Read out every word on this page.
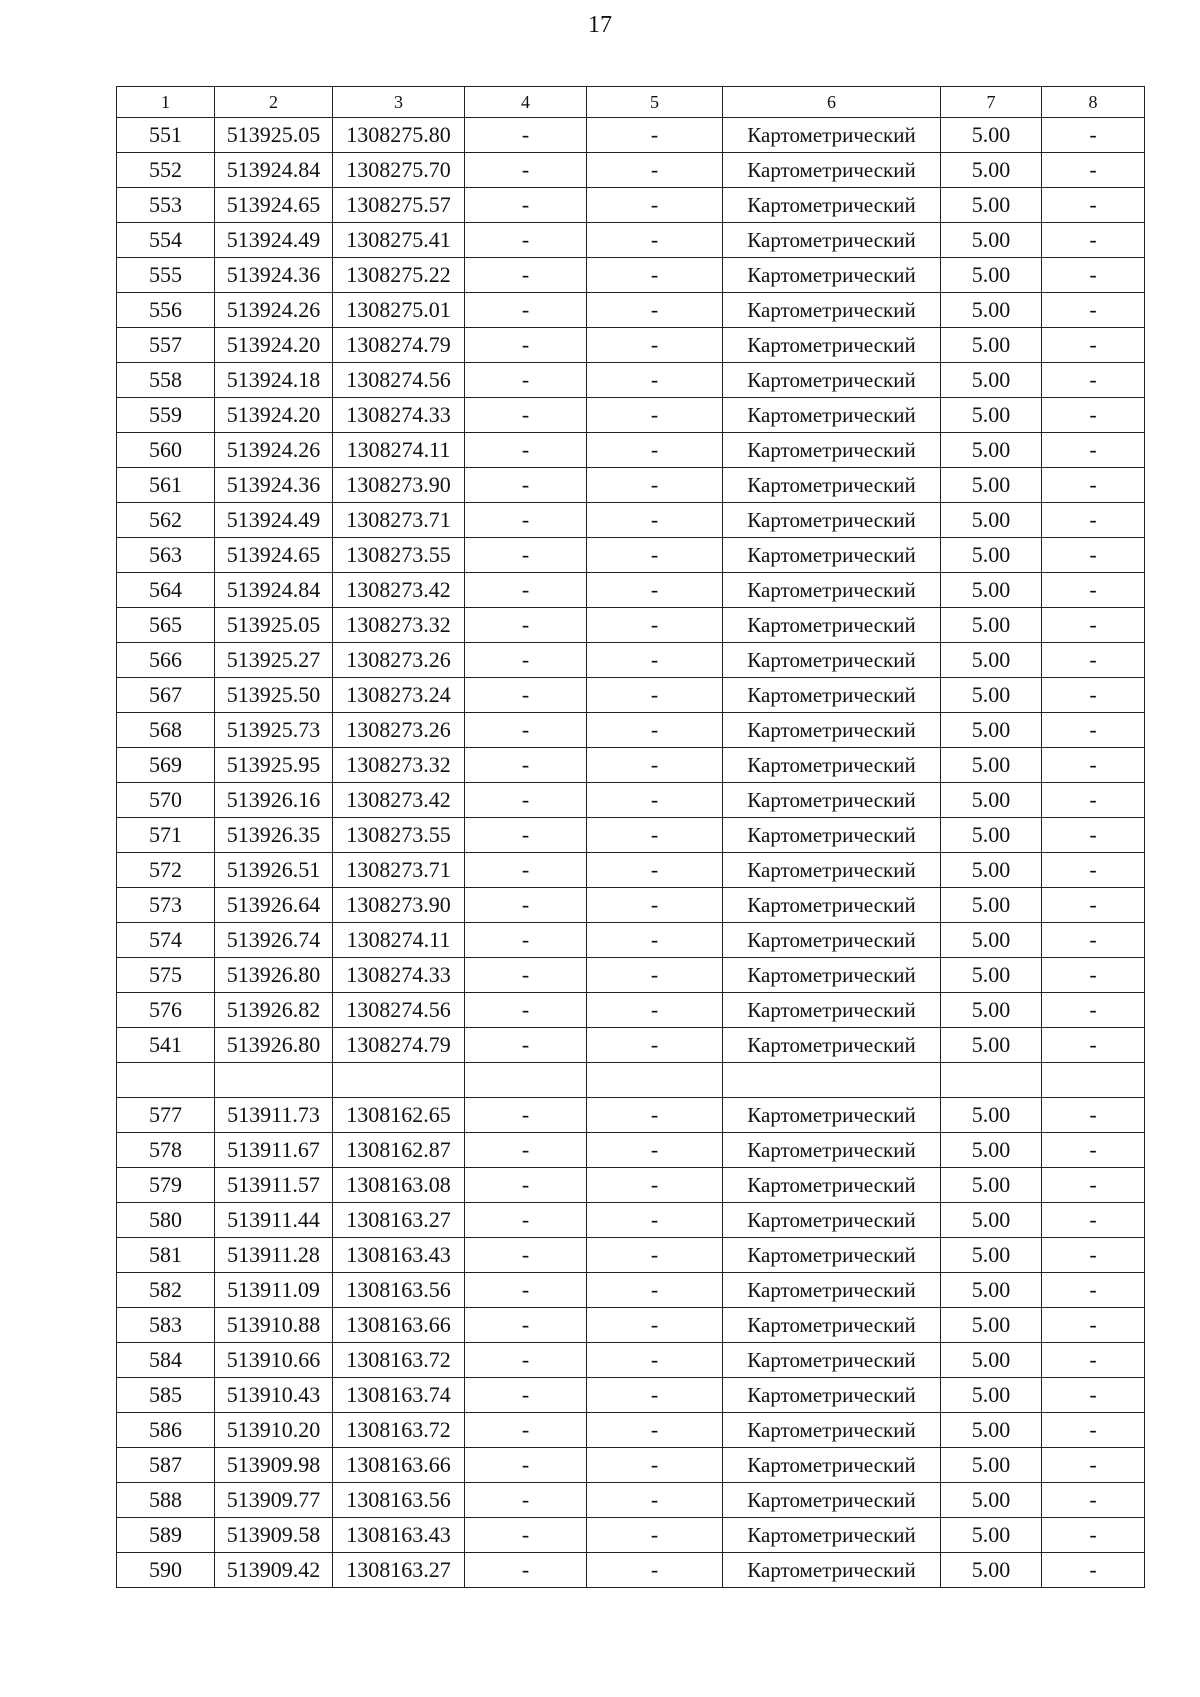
17
1	2	3	4	5	6	7	8
551	513925.05	1308275.80	-	-	Картометрический	5.00	-
552	513924.84	1308275.70	-	-	Картометрический	5.00	-
553	513924.65	1308275.57	-	-	Картометрический	5.00	-
554	513924.49	1308275.41	-	-	Картометрический	5.00	-
555	513924.36	1308275.22	-	-	Картометрический	5.00	-
556	513924.26	1308275.01	-	-	Картометрический	5.00	-
557	513924.20	1308274.79	-	-	Картометрический	5.00	-
558	513924.18	1308274.56	-	-	Картометрический	5.00	-
559	513924.20	1308274.33	-	-	Картометрический	5.00	-
560	513924.26	1308274.11	-	-	Картометрический	5.00	-
561	513924.36	1308273.90	-	-	Картометрический	5.00	-
562	513924.49	1308273.71	-	-	Картометрический	5.00	-
563	513924.65	1308273.55	-	-	Картометрический	5.00	-
564	513924.84	1308273.42	-	-	Картометрический	5.00	-
565	513925.05	1308273.32	-	-	Картометрический	5.00	-
566	513925.27	1308273.26	-	-	Картометрический	5.00	-
567	513925.50	1308273.24	-	-	Картометрический	5.00	-
568	513925.73	1308273.26	-	-	Картометрический	5.00	-
569	513925.95	1308273.32	-	-	Картометрический	5.00	-
570	513926.16	1308273.42	-	-	Картометрический	5.00	-
571	513926.35	1308273.55	-	-	Картометрический	5.00	-
572	513926.51	1308273.71	-	-	Картометрический	5.00	-
573	513926.64	1308273.90	-	-	Картометрический	5.00	-
574	513926.74	1308274.11	-	-	Картометрический	5.00	-
575	513926.80	1308274.33	-	-	Картометрический	5.00	-
576	513926.82	1308274.56	-	-	Картометрический	5.00	-
541	513926.80	1308274.79	-	-	Картометрический	5.00	-

577	513911.73	1308162.65	-	-	Картометрический	5.00	-
578	513911.67	1308162.87	-	-	Картометрический	5.00	-
579	513911.57	1308163.08	-	-	Картометрический	5.00	-
580	513911.44	1308163.27	-	-	Картометрический	5.00	-
581	513911.28	1308163.43	-	-	Картометрический	5.00	-
582	513911.09	1308163.56	-	-	Картометрический	5.00	-
583	513910.88	1308163.66	-	-	Картометрический	5.00	-
584	513910.66	1308163.72	-	-	Картометрический	5.00	-
585	513910.43	1308163.74	-	-	Картометрический	5.00	-
586	513910.20	1308163.72	-	-	Картометрический	5.00	-
587	513909.98	1308163.66	-	-	Картометрический	5.00	-
588	513909.77	1308163.56	-	-	Картометрический	5.00	-
589	513909.58	1308163.43	-	-	Картометрический	5.00	-
590	513909.42	1308163.27	-	-	Картометрический	5.00	-
